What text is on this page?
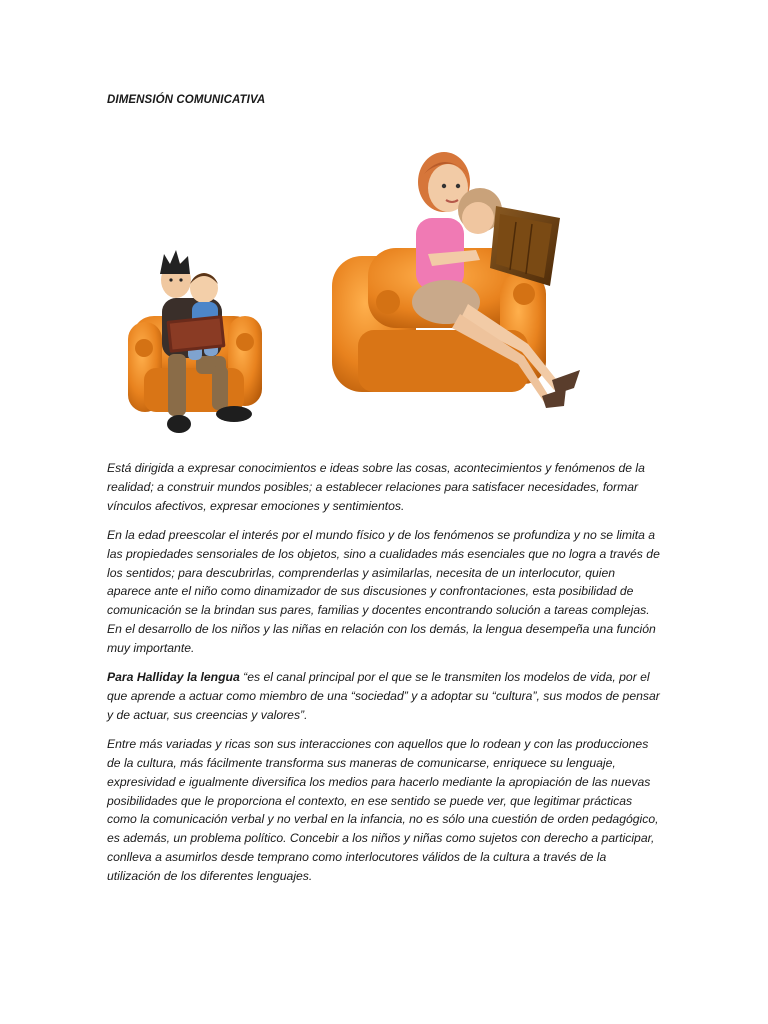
DIMENSIÓN COMUNICATIVA

Está dirigida a expresar conocimientos e ideas sobre las cosas, acontecimientos y fenómenos de la realidad; a construir mundos posibles; a establecer relaciones para satisfacer necesidades, formar vínculos afectivos, expresar emociones y sentimientos.

En la edad preescolar el interés por el mundo físico y de los fenómenos se profundiza y no se limita a las propiedades sensoriales de los objetos, sino a cualidades más esenciales que no logra a través de los sentidos; para descubrirlas, comprenderlas y asimilarlas, necesita de un interlocutor, quien aparece ante el niño como dinamizador de sus discusiones y confrontaciones, esta posibilidad de comunicación se la brindan sus pares, familias y docentes encontrando solución a tareas complejas. En el desarrollo de los niños y las niñas en relación con los demás, la lengua desempeña una función muy importante.

Para Halliday la lengua “es el canal principal por el que se le transmiten los modelos de vida, por el que aprende a actuar como miembro de una “sociedad” y a adoptar su “cultura”, sus modos de pensar y de actuar, sus creencias y valores”.

Entre más variadas y ricas son sus interacciones con aquellos que lo rodean y con las producciones de la cultura, más fácilmente transforma sus maneras de comunicarse, enriquece su lenguaje, expresividad e igualmente diversifica los medios para hacerlo mediante la apropiación de las nuevas posibilidades que le proporciona el contexto, en ese sentido se puede ver, que legitimar prácticas como la comunicación verbal y no verbal en la infancia, no es sólo una cuestión de orden pedagógico, es además, un problema político. Concebir a los niños y niñas como sujetos con derecho a participar, conlleva a asumirlos desde temprano como interlocutores válidos de la cultura a través de la utilización de los diferentes lenguajes.
